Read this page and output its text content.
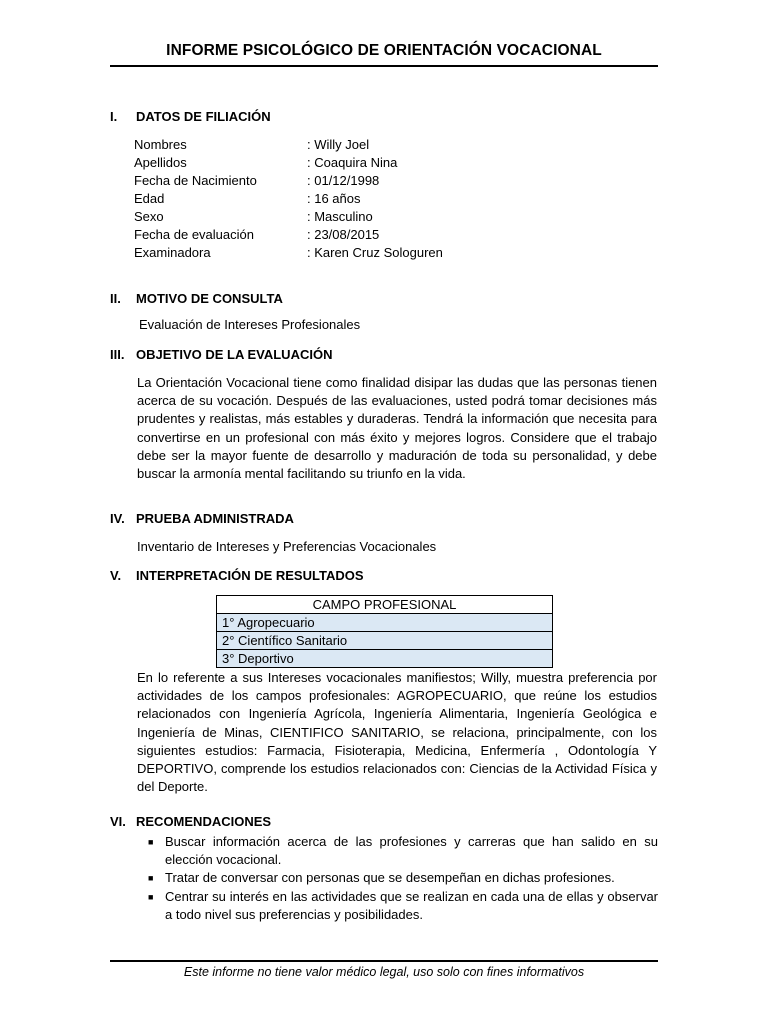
INFORME PSICOLÓGICO DE ORIENTACIÓN VOCACIONAL
I. DATOS DE FILIACIÓN
Nombres	: Willy Joel
Apellidos	: Coaquira Nina
Fecha de Nacimiento	: 01/12/1998
Edad	: 16 años
Sexo	: Masculino
Fecha de evaluación	: 23/08/2015
Examinadora	: Karen Cruz Sologuren
II. MOTIVO DE CONSULTA
Evaluación de Intereses Profesionales
III. OBJETIVO DE LA EVALUACIÓN
La Orientación Vocacional tiene como finalidad disipar las dudas que las personas tienen acerca de su vocación. Después de las evaluaciones, usted podrá tomar decisiones más prudentes y realistas, más estables y duraderas. Tendrá la información que necesita para convertirse en un profesional con más éxito y mejores logros. Considere que el trabajo debe ser la mayor fuente de desarrollo y maduración de toda su personalidad, y debe buscar la armonía mental facilitando su triunfo en la vida.
IV. PRUEBA ADMINISTRADA
Inventario de Intereses y Preferencias Vocacionales
V. INTERPRETACIÓN DE RESULTADOS
CAMPO PROFESIONAL
1° Agropecuario
2° Científico Sanitario
3° Deportivo
En lo referente a sus Intereses vocacionales manifiestos; Willy, muestra preferencia por actividades de los campos profesionales: AGROPECUARIO, que reúne los estudios relacionados con Ingeniería Agrícola, Ingeniería Alimentaria, Ingeniería Geológica e Ingeniería de Minas, CIENTIFICO SANITARIO, se relaciona, principalmente, con los siguientes estudios: Farmacia, Fisioterapia, Medicina, Enfermería , Odontología Y DEPORTIVO, comprende los estudios relacionados con: Ciencias de la Actividad Física y del Deporte.
VI. RECOMENDACIONES
■ Buscar información acerca de las profesiones y carreras que han salido en su elección vocacional.
■ Tratar de conversar con personas que se desempeñan en dichas profesiones.
■ Centrar su interés en las actividades que se realizan en cada una de ellas y observar a todo nivel sus preferencias y posibilidades.
Este informe no tiene valor médico legal, uso solo con fines informativos
